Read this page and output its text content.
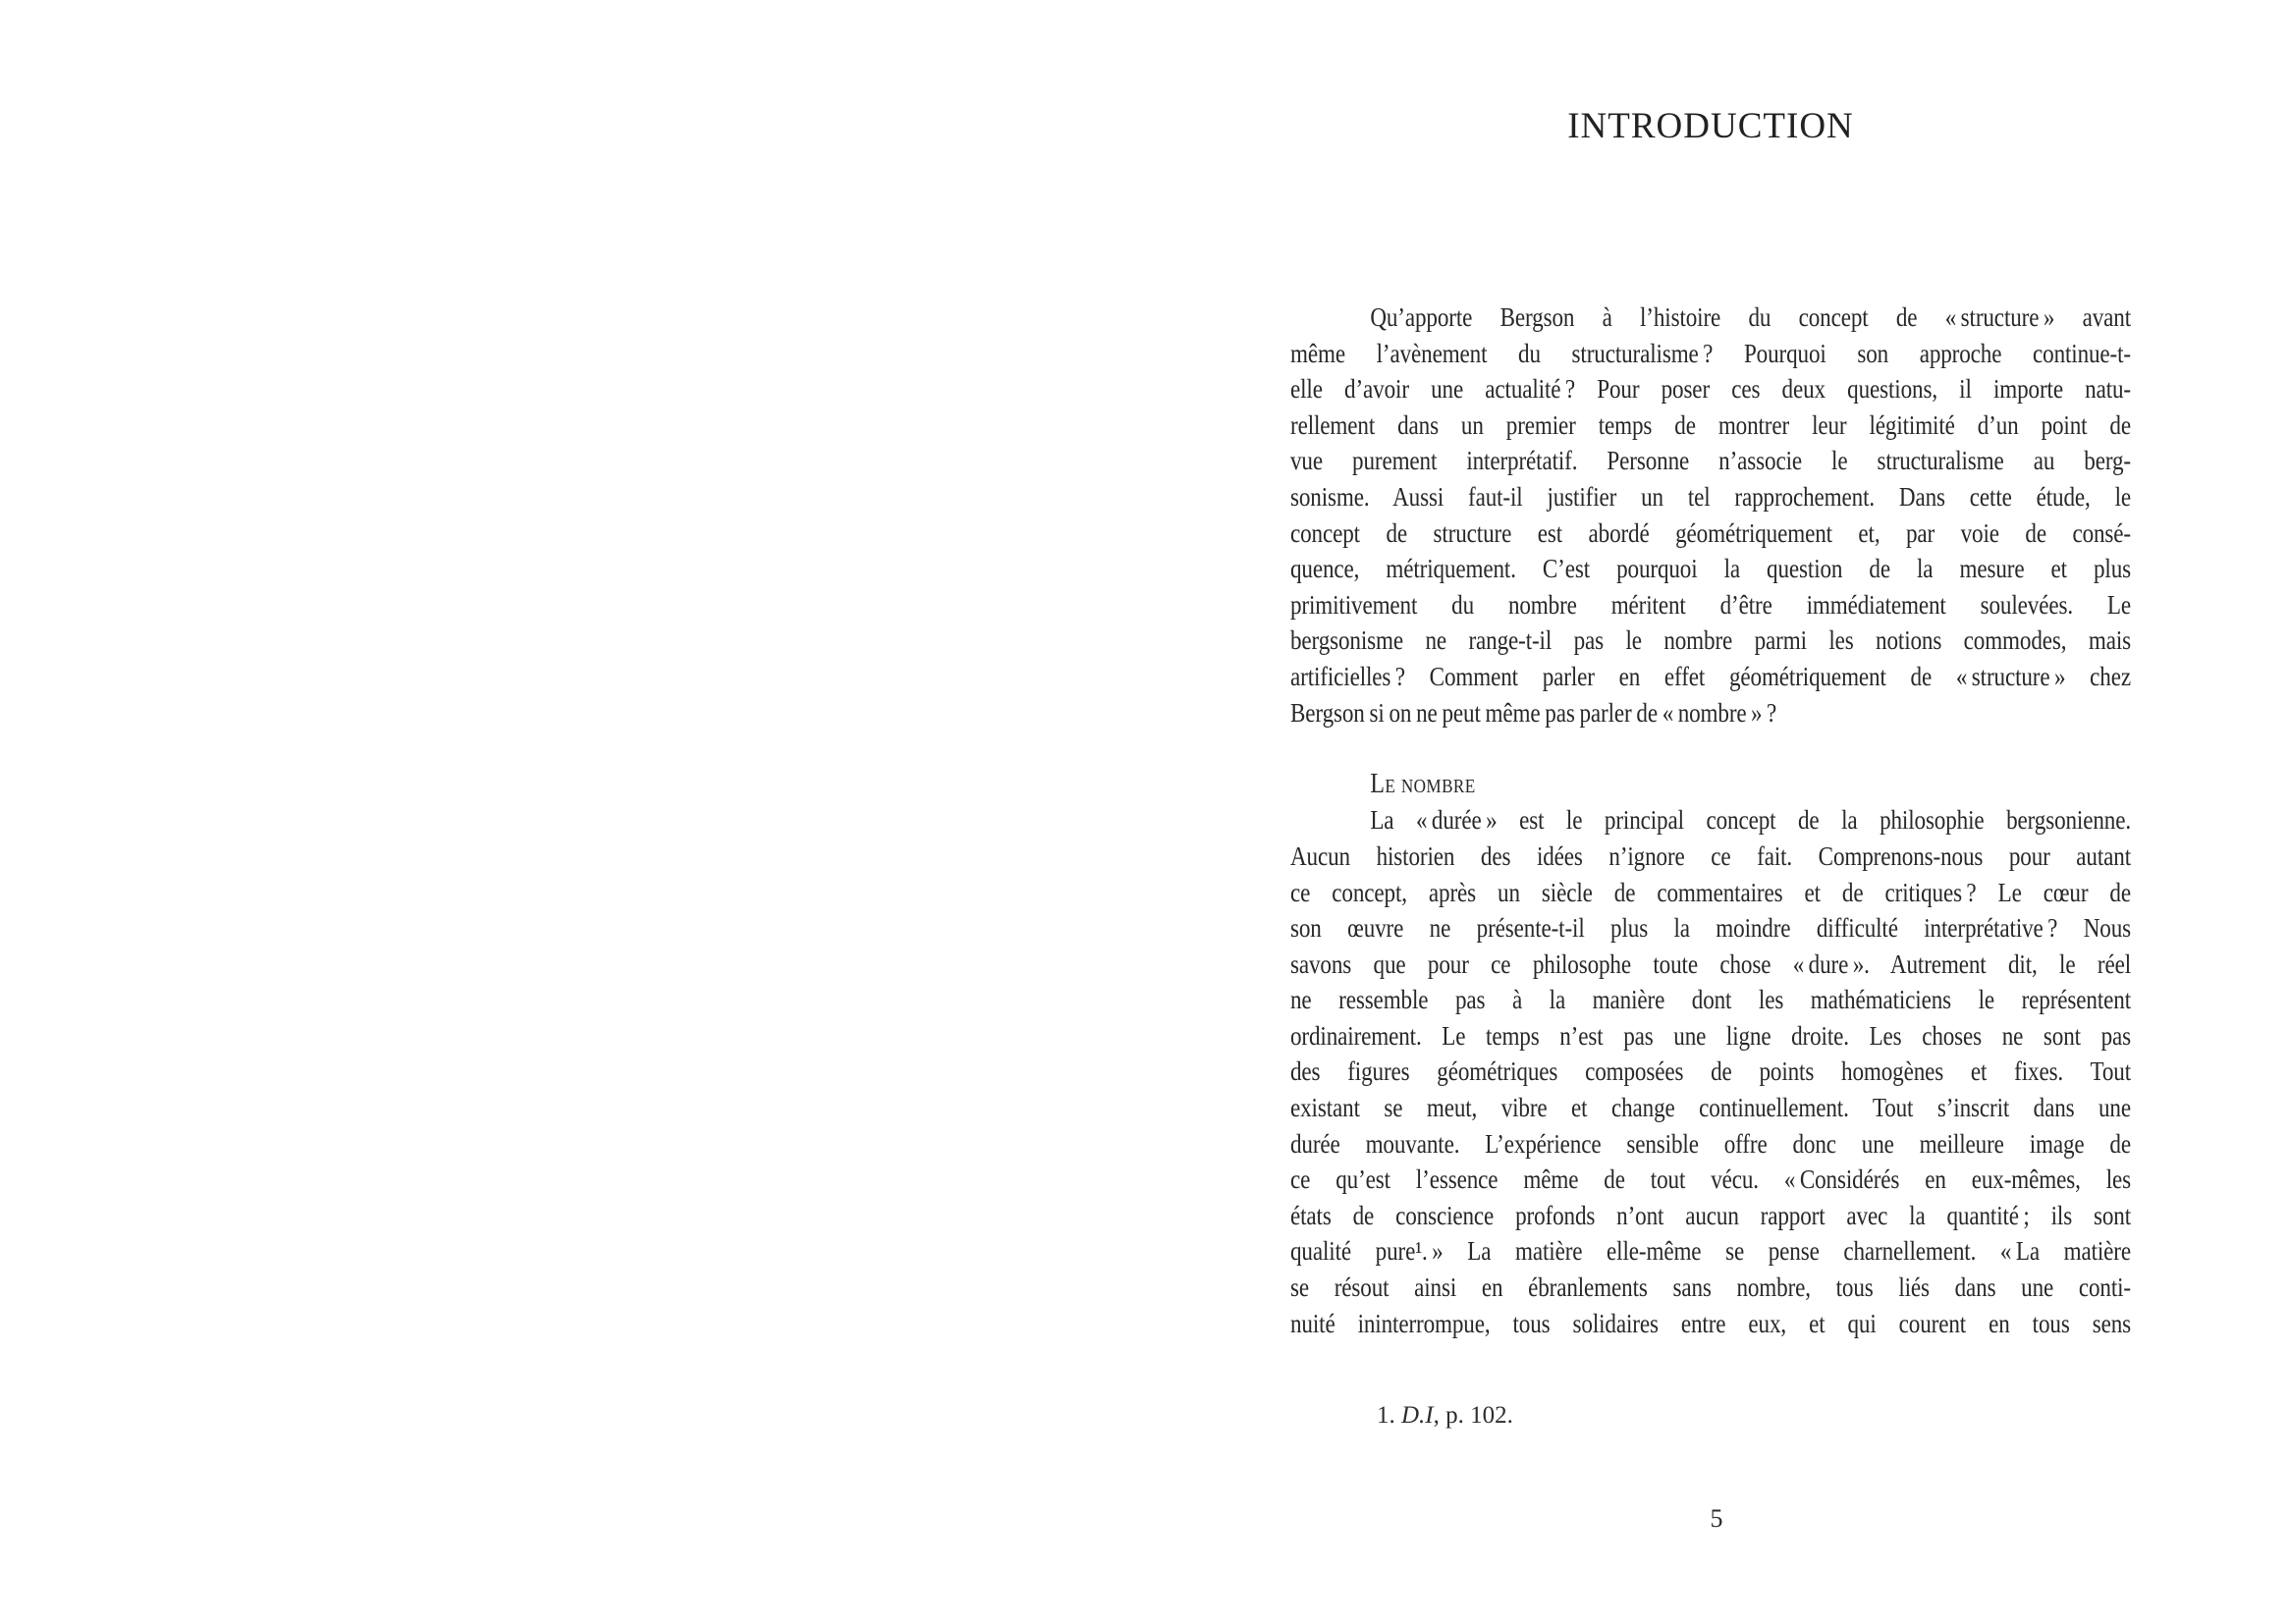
INTRODUCTION
Qu’apporte Bergson à l’histoire du concept de « structure » avant
même l’avènement du structuralisme ? Pourquoi son approche continue-t-
elle d’avoir une actualité ? Pour poser ces deux questions, il importe natu-
rellement dans un premier temps de montrer leur légitimité d’un point de
vue purement interprétatif. Personne n’associe le structuralisme au berg-
sonisme. Aussi faut-il justifier un tel rapprochement. Dans cette étude, le
concept de structure est abordé géométriquement et, par voie de consé-
quence, métriquement. C’est pourquoi la question de la mesure et plus
primitivement du nombre méritent d’être immédiatement soulevées. Le
bergsonisme ne range-t-il pas le nombre parmi les notions commodes, mais
artificielles ? Comment parler en effet géométriquement de « structure » chez
Bergson si on ne peut même pas parler de « nombre » ?
Le nombre
La « durée » est le principal concept de la philosophie bergsonienne.
Aucun historien des idées n’ignore ce fait. Comprenons-nous pour autant
ce concept, après un siècle de commentaires et de critiques ? Le cœur de
son œuvre ne présente-t-il plus la moindre difficulté interprétative ? Nous
savons que pour ce philosophe toute chose « dure ». Autrement dit, le réel
ne ressemble pas à la manière dont les mathématiciens le représentent
ordinairement. Le temps n’est pas une ligne droite. Les choses ne sont pas
des figures géométriques composées de points homogènes et fixes. Tout
existant se meut, vibre et change continuellement. Tout s’inscrit dans une
durée mouvante. L’expérience sensible offre donc une meilleure image de
ce qu’est l’essence même de tout vécu. « Considérés en eux-mêmes, les
états de conscience profonds n’ont aucun rapport avec la quantité ; ils sont
qualité pure¹. » La matière elle-même se pense charnellement. « La matière
se résout ainsi en ébranlements sans nombre, tous liés dans une conti-
nuité ininterrompue, tous solidaires entre eux, et qui courent en tous sens
1. D.I, p. 102.
5
